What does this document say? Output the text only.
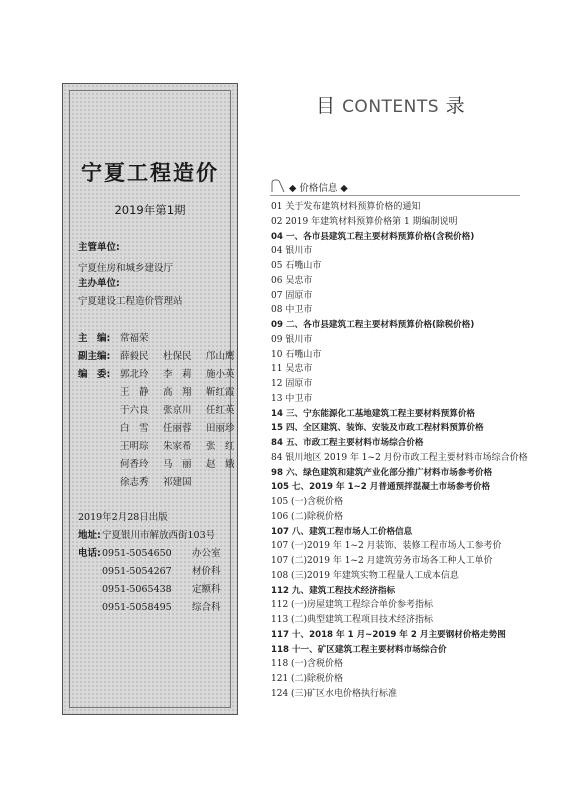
宁夏工程造价
2019年第1期
主管单位:
宁夏住房和城乡建设厅
主办单位:
宁夏建设工程造价管理站
主　编:	常福荣
副主编:	薛毅民	杜保民	邝山鹰
编　委:	郭北玲	李　莉	施小英
王　静	高　翔	靳红霞
于六良	张京川	任红英
白　雪	任丽蓉	田丽珍
王明琮	朱家希	张　红
何香玲	马　丽	赵　娥
徐志秀	祁建国
2019年2月28日出版
地址: 宁夏银川市解放西街103号
电话: 0951-5054650	办公室
0951-5054267	材价科
0951-5065438	定额科
0951-5058495	综合科
目 CONTENTS 录
◆ 价格信息 ◆
01 关于发布建筑材料预算价格的通知
02 2019 年建筑材料预算价格第 1 期编制说明
04 一、各市县建筑工程主要材料预算价格(含税价格)
04 银川市
05 石嘴山市
06 吴忠市
07 固原市
08 中卫市
09 二、各市县建筑工程主要材料预算价格(除税价格)
09 银川市
10 石嘴山市
11 吴忠市
12 固原市
13 中卫市
14 三、宁东能源化工基地建筑工程主要材料预算价格
15 四、全区建筑、装饰、安装及市政工程材料预算价格
84 五、市政工程主要材料市场综合价格
84 银川地区 2019 年 1~2 月份市政工程主要材料市场综合价格
98 六、绿色建筑和建筑产业化部分推广材料市场参考价格
105 七、2019 年 1~2 月普通预拌混凝土市场参考价格
105 (一)含税价格
106 (二)除税价格
107 八、建筑工程市场人工价格信息
107 (一)2019 年 1~2 月装饰、装修工程市场人工参考价
107 (二)2019 年 1~2 月建筑劳务市场各工种人工单价
108 (三)2019 年建筑实物工程量人工成本信息
112 九、建筑工程技术经济指标
112 (一)房屋建筑工程综合单价参考指标
113 (二)典型建筑工程项目技术经济指标
117 十、2018 年 1 月~2019 年 2 月主要钢材价格走势图
118 十一、矿区建筑工程主要材料市场综合价
118 (一)含税价格
121 (二)除税价格
124 (三)矿区水电价格执行标准
